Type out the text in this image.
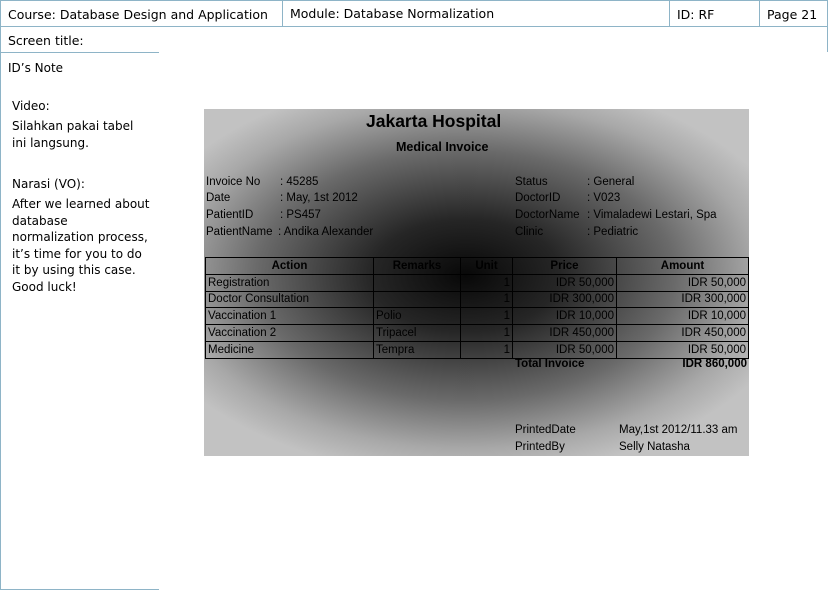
Course: Database Design and Application Module: Database Normalization	ID: RF	Page 21
Screen title:
ID’s Note
Video:
Silahkan pakai tabel ini langsung.
Narasi (VO):
After we learned about database normalization process, it’s time for you to do it by using this case. Good luck!
Jakarta Hospital
Medical Invoice
Invoice No : 45285
Date	: May, 1st 2012
PatientID : PS457
PatientName : Andika Alexander
Status	: General
DoctorID : V023
DoctorName : Vimaladewi Lestari, Spa
Clinic	: Pediatric
Action	Remarks	Unit	Price	Amount
Registration		1	IDR 50,000	IDR 50,000
Doctor Consultation		1	IDR 300,000	IDR 300,000
Vaccination 1	Polio	1	IDR 10,000	IDR 10,000
Vaccination 2	Tripacel	1	IDR 450,000	IDR 450,000
Medicine	Tempra	1	IDR 50,000	IDR 50,000
Total Invoice	IDR 860,000
PrintedDate	May,1st 2012/11.33 am
PrintedBy	Selly Natasha
